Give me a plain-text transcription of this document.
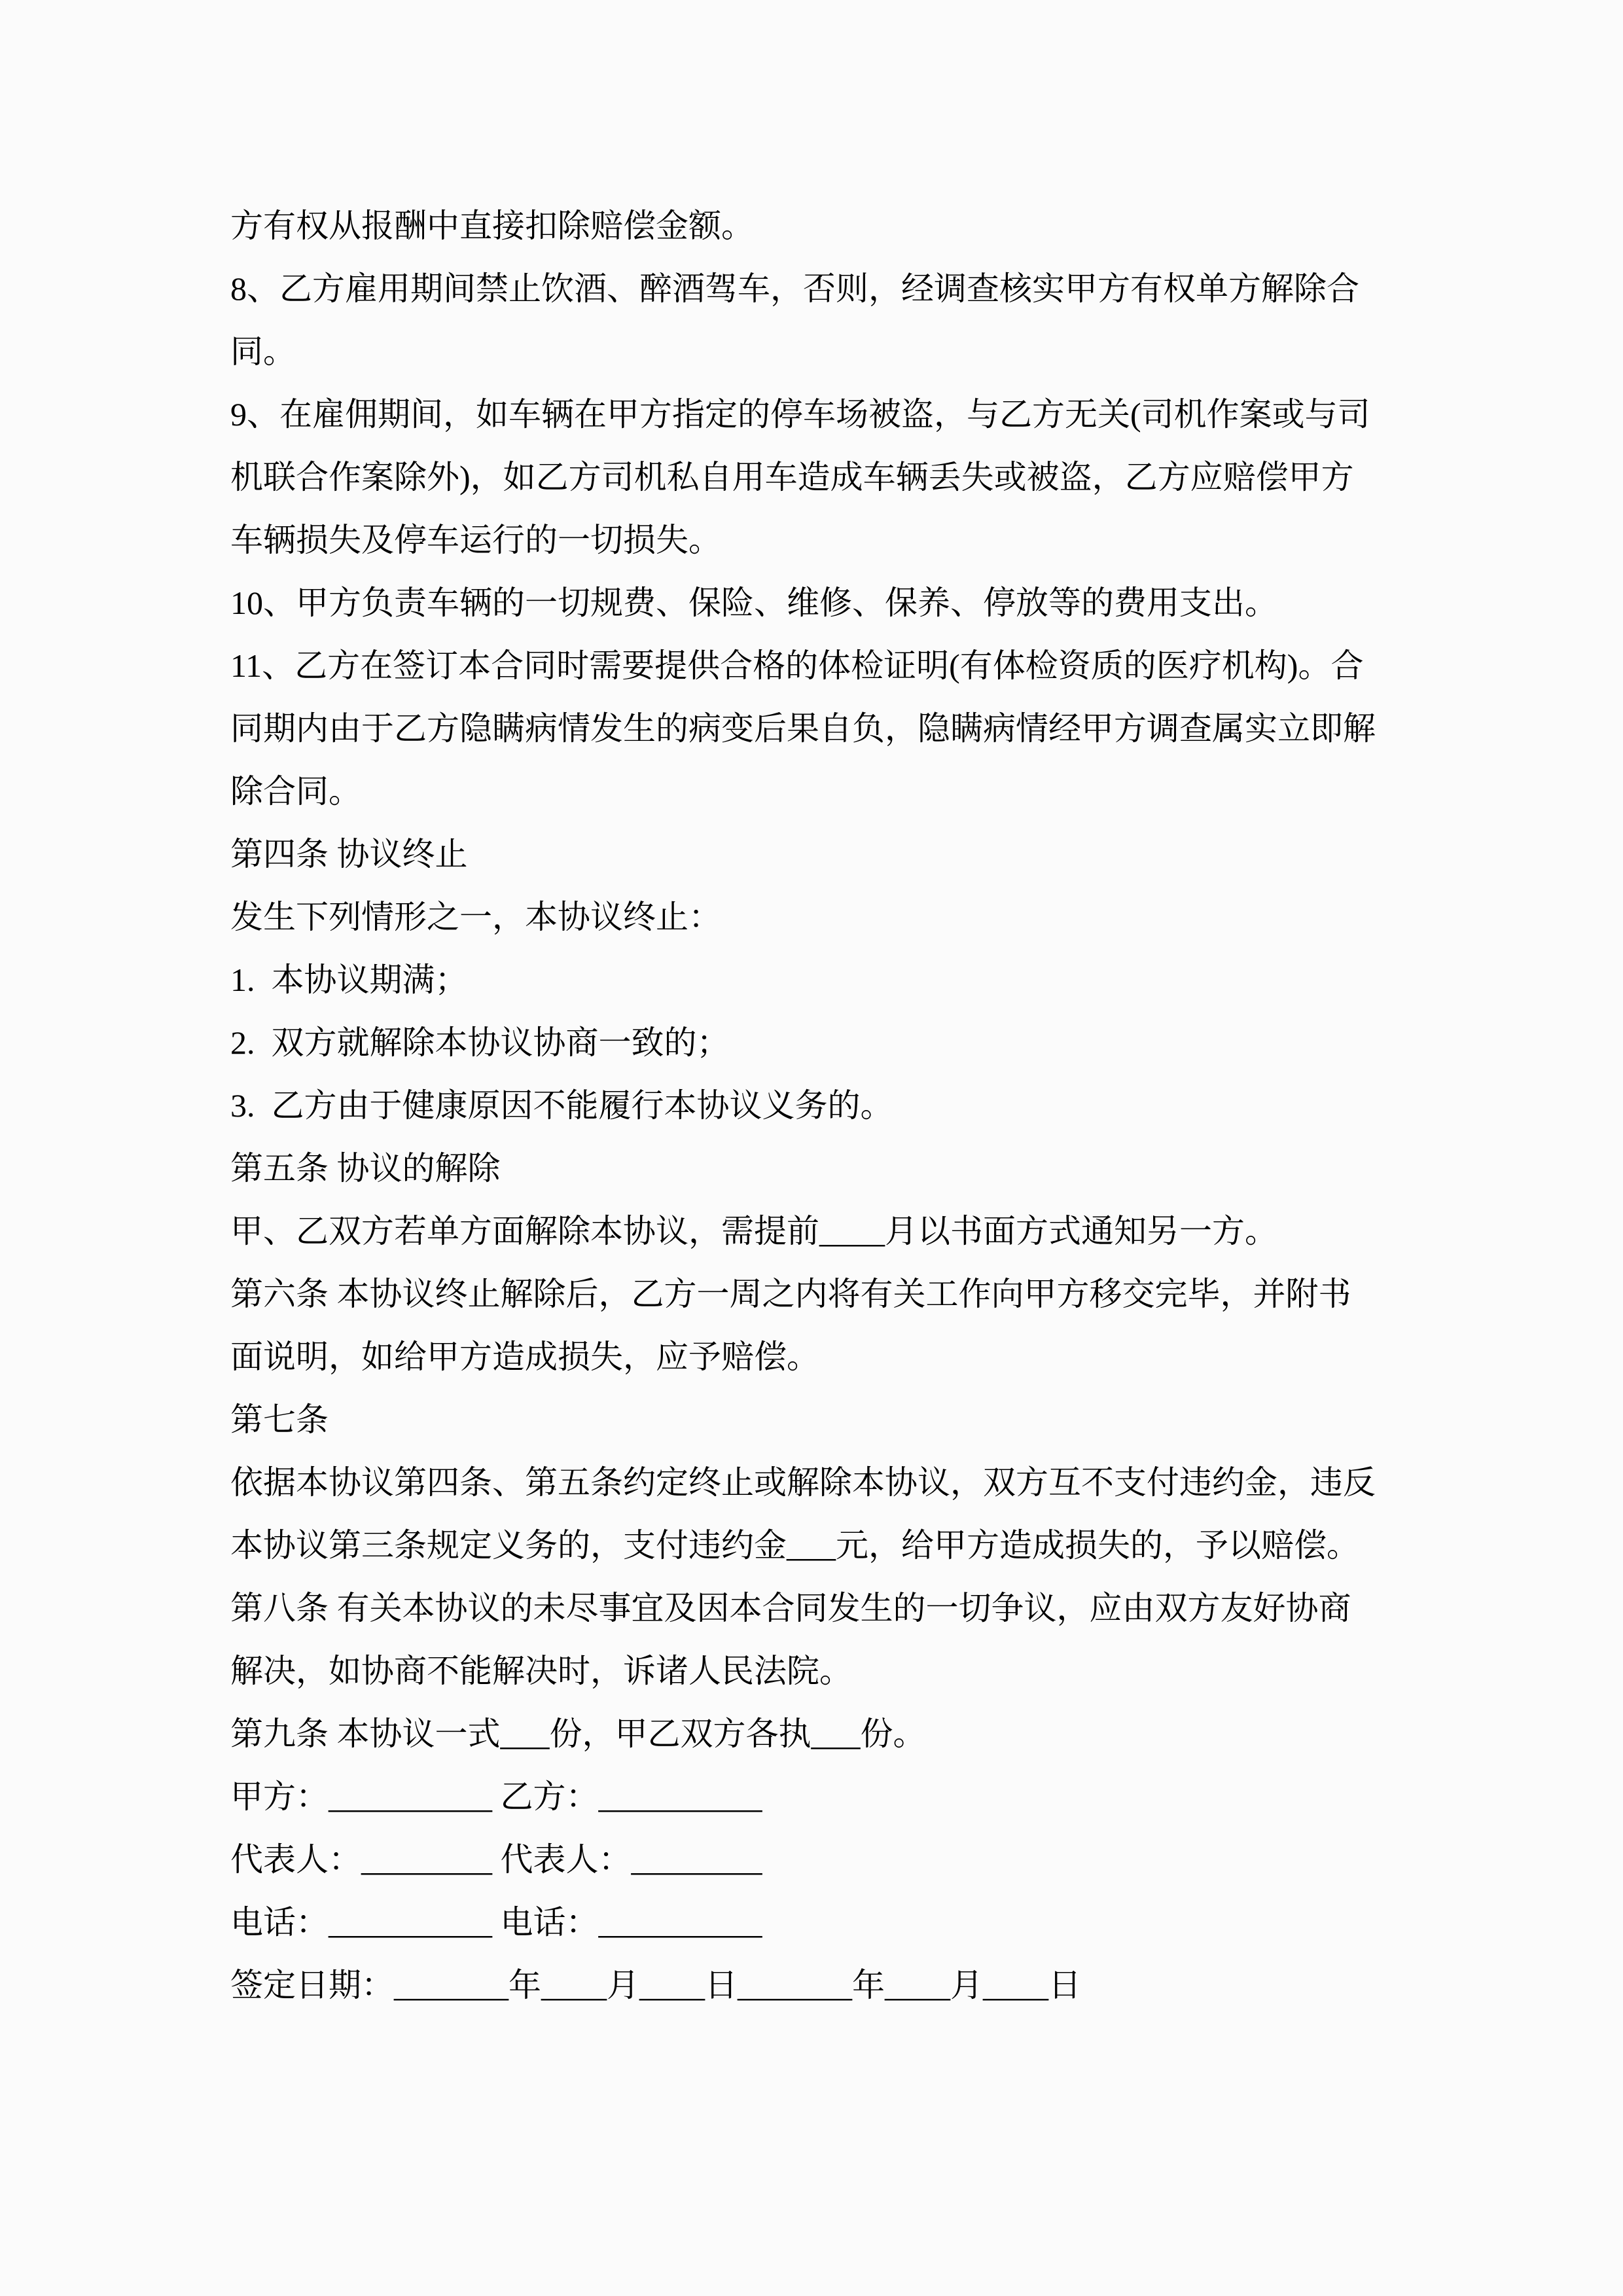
方有权从报酬中直接扣除赔偿金额。
8、乙方雇用期间禁止饮酒、醉酒驾车，否则，经调查核实甲方有权单方解除合
同。
9、在雇佣期间，如车辆在甲方指定的停车场被盗，与乙方无关(司机作案或与司
机联合作案除外)，如乙方司机私自用车造成车辆丢失或被盗，乙方应赔偿甲方
车辆损失及停车运行的一切损失。
10、甲方负责车辆的一切规费、保险、维修、保养、停放等的费用支出。
11、乙方在签订本合同时需要提供合格的体检证明(有体检资质的医疗机构)。合
同期内由于乙方隐瞒病情发生的病变后果自负，隐瞒病情经甲方调查属实立即解
除合同。
第四条 协议终止
发生下列情形之一，本协议终止：
1.  本协议期满；
2.  双方就解除本协议协商一致的；
3.  乙方由于健康原因不能履行本协议义务的。
第五条 协议的解除
甲、乙双方若单方面解除本协议，需提前____月以书面方式通知另一方。
第六条 本协议终止解除后，乙方一周之内将有关工作向甲方移交完毕，并附书
面说明，如给甲方造成损失，应予赔偿。
第七条
依据本协议第四条、第五条约定终止或解除本协议，双方互不支付违约金，违反
本协议第三条规定义务的，支付违约金___元，给甲方造成损失的，予以赔偿。
第八条 有关本协议的未尽事宜及因本合同发生的一切争议，应由双方友好协商
解决，如协商不能解决时，诉诸人民法院。
第九条 本协议一式___份，甲乙双方各执___份。
甲方：__________ 乙方：__________
代表人：________ 代表人：________
电话：__________ 电话：__________
签定日期：_______年____月____日_______年____月____日
